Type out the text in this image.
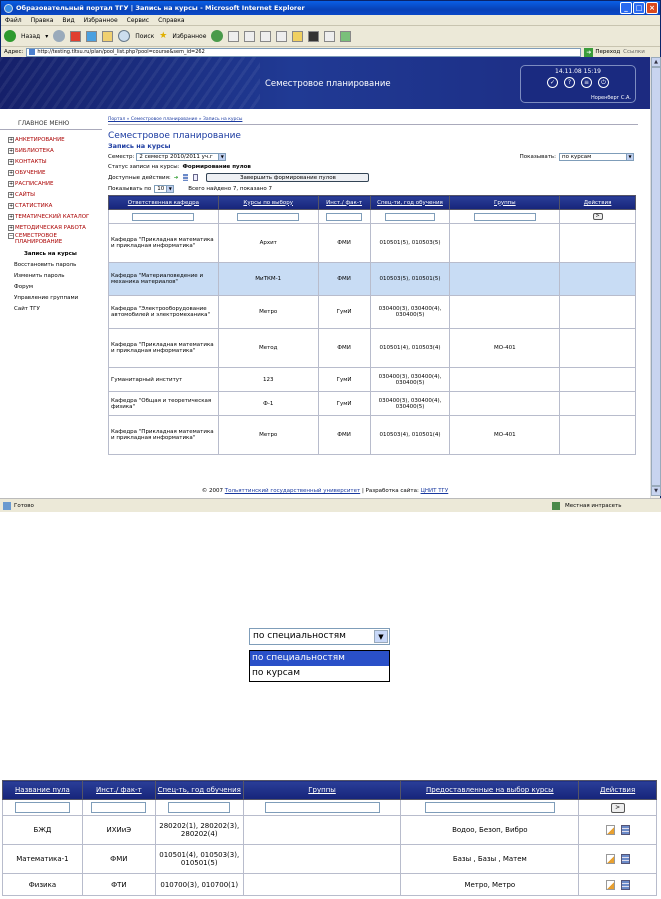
Образовательный портал ТГУ | Запись на курсы - Microsoft Internet Explorer	_	□ ×
Файл Правка Вид Избранное Сервис Справка
Назад ▾	Поиск ★ Избранное
Адрес:	http://testing.tltsu.ru/plan/pool_list.php?pool=course&sem_id=262	➔ Переход Ссылки
Семестровое планирование
14.11.08 15:19
✓	?	≡	⏻
Норенберг С.А.
ГЛАВНОЕ МЕНЮ
+ АНКЕТИРОВАНИЕ
+ БИБЛИОТЕКА
+ КОНТАКТЫ
+ ОБУЧЕНИЕ
+ РАСПИСАНИЕ
+ САЙТЫ
+ СТАТИСТИКА
+ ТЕМАТИЧЕСКИЙ КАТАЛОГ
+ МЕТОДИЧЕСКАЯ РАБОТА
− СЕМЕСТРОВОЕ ПЛАНИРОВАНИЕ
Запись на курсы
Восстановить пароль
Изменить пароль
Форум
Управление группами
Сайт ТГУ
Портал » Семестровое планирование » Запись на курсы
Семестровое планирование
Запись на курсы
Семестр: 2 семестр 2010/2011 уч.г	▼	Показывать: по курсам	▼
Статус записи на курсы: Формирование пулов
Доступные действия: ➔	Завершить формирование пулов
Показывать по 10	▼	Всего найдено 7, показано 7
Ответственная кафедра	Курсы по выбору	Инст./ фак-т	Спец-ти, год обучения	Группы	Действия

					>

Кафедра "Прикладная математика и прикладная информатика"	Архит	ФМИ	010501(5), 010503(5)		
Кафедра "Материаловедение и механика материалов"	МиТКМ-1	ФМИ	010503(5), 010501(5)		
Кафедра "Электрооборудование автомобилей и электромеханика"	Метро	ГумИ	030400(3), 030400(4), 030400(5)		
Кафедра "Прикладная математика и прикладная информатика"	Метод	ФМИ	010501(4), 010503(4)	МО-401	
Гуманитарный институт	123	ГумИ	030400(3), 030400(4), 030400(5)		
Кафедра "Общая и теоретическая физика"	Ф-1	ГумИ	030400(3), 030400(4), 030400(5)		
Кафедра "Прикладная математика и прикладная информатика"	Метро	ФМИ	010503(4), 010501(4)	МО-401	
▲
▼
© 2007 Тольяттинский государственный университет | Разработка сайта: ЦНИТ ТГУ
Готово	Местная интрасеть
по специальностям	▼
по специальностям
по курсам
Название пула	Инст./ фак-т	Спец-ть, год обучения	Группы	Предоставленные на выбор курсы	Действия

					>

БЖД	ИХИиЭ	280202(1), 280202(3), 280202(4)		Водоо, Безоп, Вибро	
Математика-1	ФМИ	010501(4), 010503(3), 010501(5)		Базы , Базы , Матем	
Физика	ФТИ	010700(3), 010700(1)		Метро, Метро	
